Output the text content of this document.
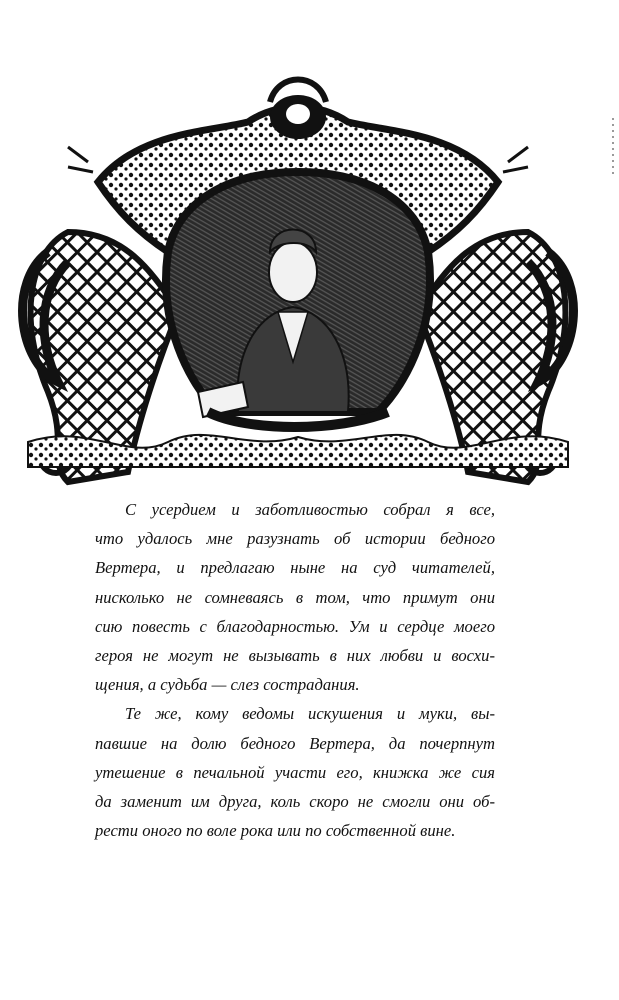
С усердием и заботливостью собрал я все,
что удалось мне разузнать об истории бедного
Вертера, и предлагаю ныне на суд читателей,
нисколько не сомневаясь в том, что примут они
сию повесть с благодарностью. Ум и сердце моего
героя не могут не вызывать в них любви и восхи-
щения, а судьба — слез сострадания.
Те же, кому ведомы искушения и муки, вы-
павшие на долю бедного Вертера, да почерпнут
утешение в печальной участи его, книжка же сия
да заменит им друга, коль скоро не смогли они об-
рести оного по воле рока или по собственной вине.
